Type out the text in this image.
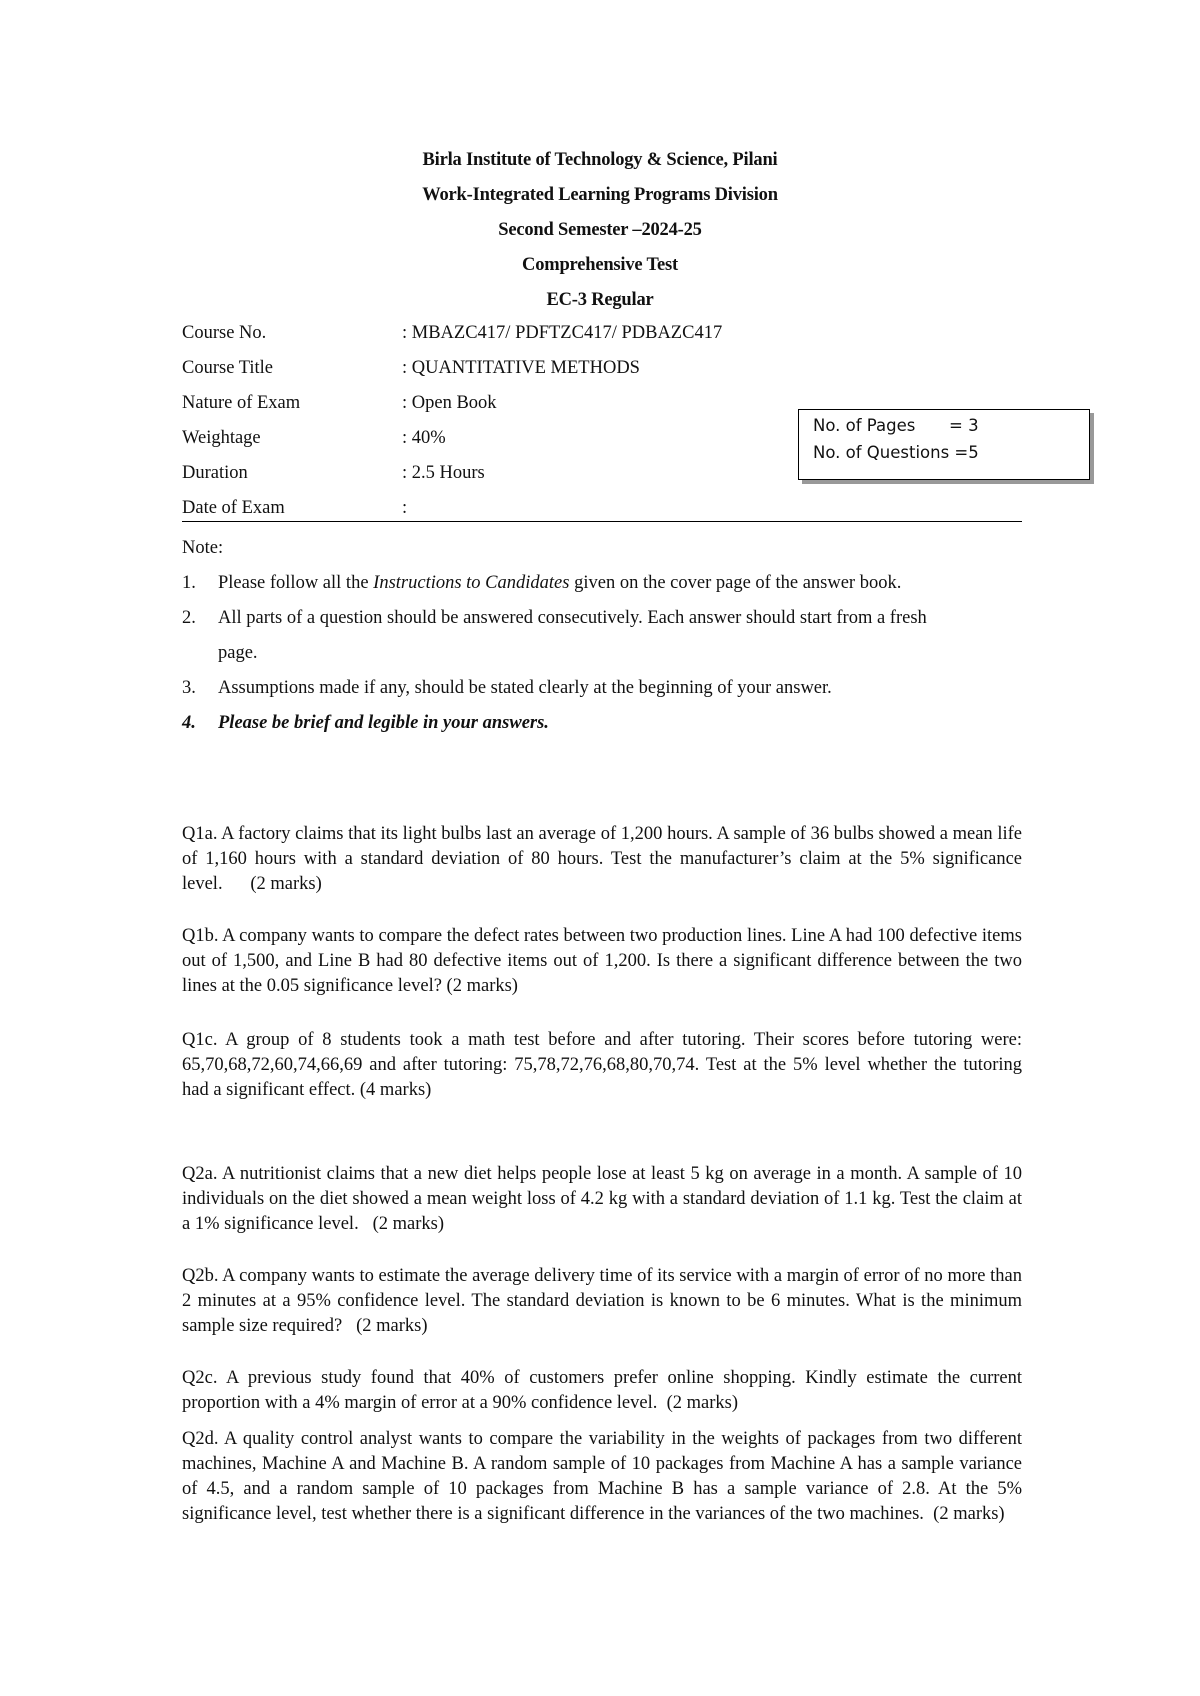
Birla Institute of Technology & Science, Pilani
Work-Integrated Learning Programs Division
Second Semester –2024-25
Comprehensive Test
EC-3 Regular
Course No.	: MBAZC417/ PDFTZC417/ PDBAZC417
Course Title	: QUANTITATIVE METHODS
Nature of Exam	: Open Book
Weightage	: 40%
Duration	: 2.5 Hours
Date of Exam	:
No. of Pages = 3
No. of Questions =5
Note:
1. Please follow all the Instructions to Candidates given on the cover page of the answer book.
2. All parts of a question should be answered consecutively. Each answer should start from a fresh
page.
3. Assumptions made if any, should be stated clearly at the beginning of your answer.
4. Please be brief and legible in your answers.

Q1a. A factory claims that its light bulbs last an average of 1,200 hours. A sample of 36 bulbs showed a mean life of 1,160 hours with a standard deviation of 80 hours. Test the manufacturer’s claim at the 5% significance level.      (2 marks)

Q1b. A company wants to compare the defect rates between two production lines. Line A had 100 defective items out of 1,500, and Line B had 80 defective items out of 1,200. Is there a significant difference between the two lines at the 0.05 significance level? (2 marks)

Q1c. A group of 8 students took a math test before and after tutoring. Their scores before tutoring were: 65,70,68,72,60,74,66,69 and after tutoring: 75,78,72,76,68,80,70,74. Test at the 5% level whether the tutoring had a significant effect. (4 marks)

Q2a. A nutritionist claims that a new diet helps people lose at least 5 kg on average in a month. A sample of 10 individuals on the diet showed a mean weight loss of 4.2 kg with a standard deviation of 1.1 kg. Test the claim at a 1% significance level.   (2 marks)

Q2b. A company wants to estimate the average delivery time of its service with a margin of error of no more than 2 minutes at a 95% confidence level. The standard deviation is known to be 6 minutes. What is the minimum sample size required?   (2 marks)

Q2c. A previous study found that 40% of customers prefer online shopping. Kindly estimate the current proportion with a 4% margin of error at a 90% confidence level.  (2 marks)

Q2d. A quality control analyst wants to compare the variability in the weights of packages from two different machines, Machine A and Machine B. A random sample of 10 packages from Machine A has a sample variance of 4.5, and a random sample of 10 packages from Machine B has a sample variance of 2.8. At the 5% significance level, test whether there is a significant difference in the variances of the two machines.  (2 marks)
